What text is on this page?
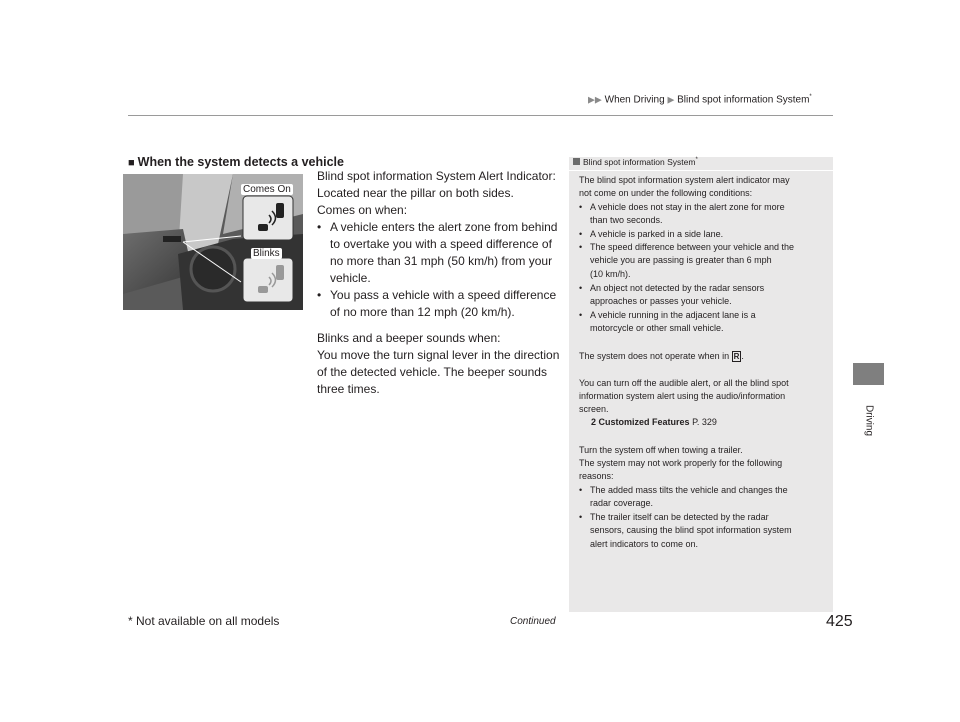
▶▶ When Driving ▶ Blind spot information System*
Driving
■ When the system detects a vehicle
Comes On
Blinks
Blind spot information System Alert Indicator:
Located near the pillar on both sides.
Comes on when:
• A vehicle enters the alert zone from behind
to overtake you with a speed difference of
no more than 31 mph (50 km/h) from your
vehicle.
• You pass a vehicle with a speed difference
of no more than 12 mph (20 km/h).
Blinks and a beeper sounds when:
You move the turn signal lever in the direction
of the detected vehicle. The beeper sounds
three times.
Blind spot information System*
The blind spot information system alert indicator may
not come on under the following conditions:
• A vehicle does not stay in the alert zone for more
than two seconds.
• A vehicle is parked in a side lane.
• The speed difference between your vehicle and the
vehicle you are passing is greater than 6 mph
(10 km/h).
• An object not detected by the radar sensors
approaches or passes your vehicle.
• A vehicle running in the adjacent lane is a
motorcycle or other small vehicle.
The system does not operate when in R .
You can turn off the audible alert, or all the blind spot
information system alert using the audio/information
screen.
2 Customized Features P. 329
Turn the system off when towing a trailer.
The system may not work properly for the following
reasons:
• The added mass tilts the vehicle and changes the
radar coverage.
• The trailer itself can be detected by the radar
sensors, causing the blind spot information system
alert indicators to come on.
* Not available on all models	Continued	425
